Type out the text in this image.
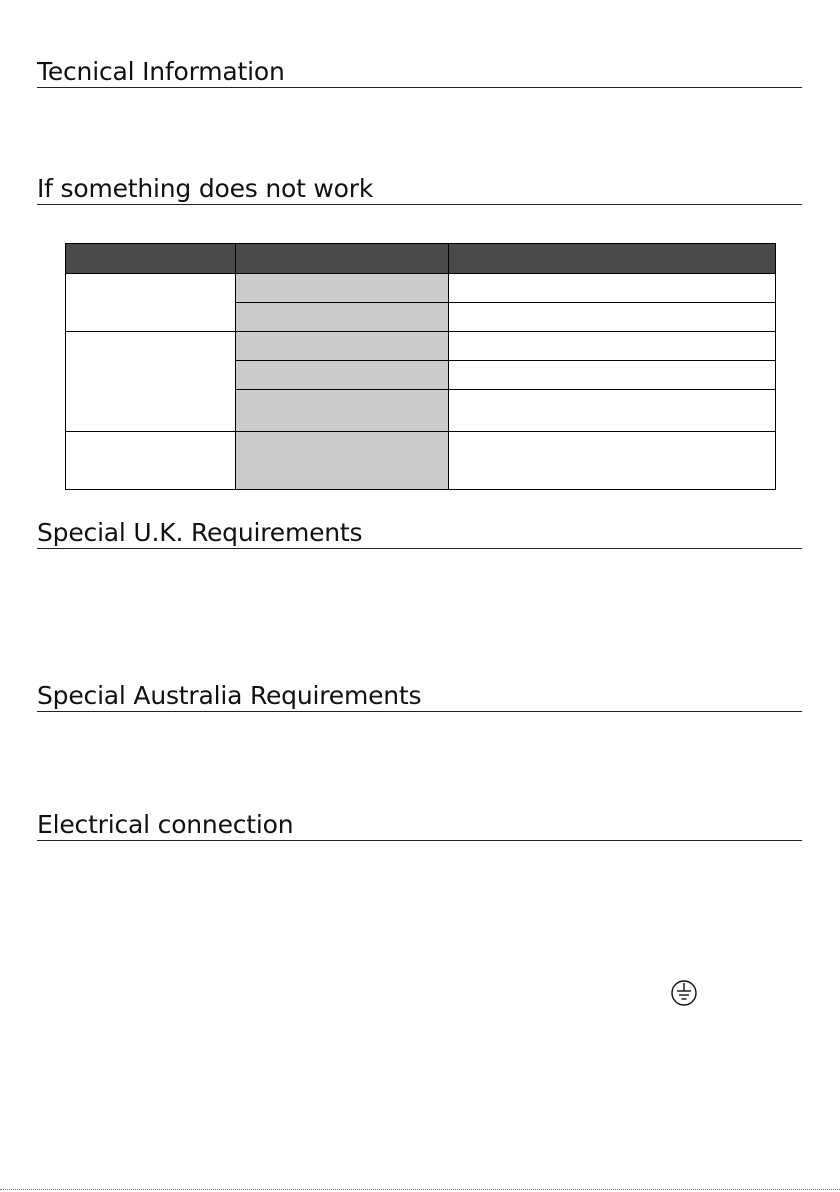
Tecnical Information
If something does not work

Special U.K. Requirements
Special Australia Requirements
Electrical connection
